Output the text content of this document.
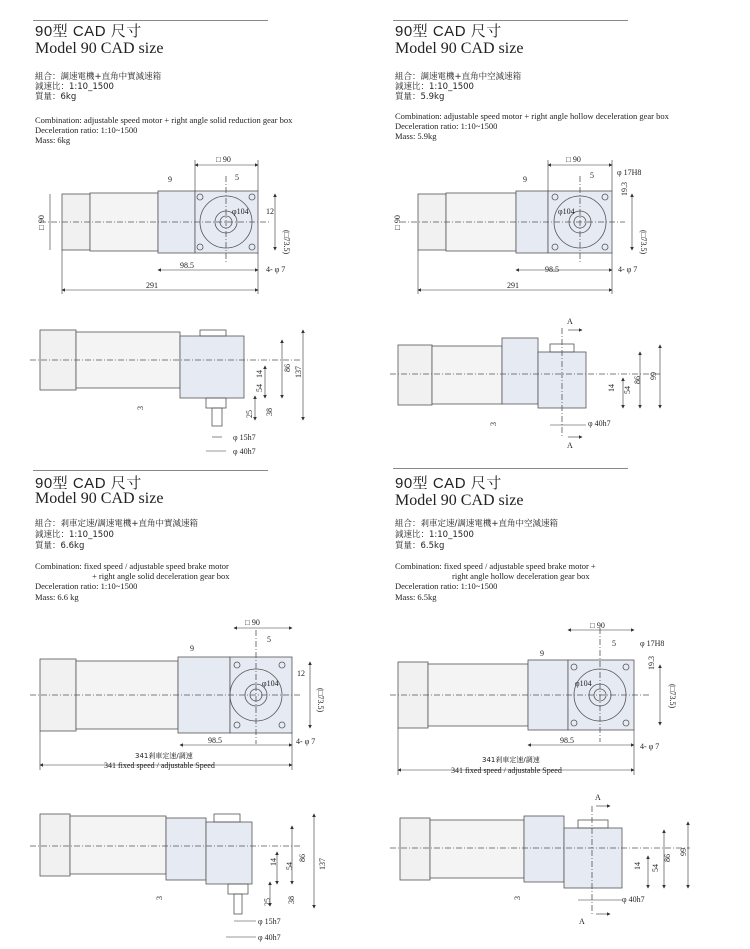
90型 CAD 尺寸
Model 90 CAD size
組合：調速電機+直角中實減速箱
減速比：1:10_1500
質量：6kg
Combination: adjustable speed motor + right angle solid reduction gear box
Deceleration ratio: 1:10~1500
Mass: 6kg
90型 CAD 尺寸
Model 90 CAD size
組合：調速電機+直角中空減速箱
減速比：1:10_1500
質量：5.9kg
Combination: adjustable speed motor + right angle hollow deceleration gear box
Deceleration ratio: 1:10~1500
Mass: 5.9kg
90型 CAD 尺寸
Model 90 CAD size
組合：剎車定速/調速電機+直角中實減速箱
減速比：1:10_1500
質量：6.6kg
Combination: fixed speed / adjustable speed brake motor
+ right angle solid deceleration gear box
Deceleration ratio: 1:10~1500
Mass: 6.6 kg
90型 CAD 尺寸
Model 90 CAD size
組合：剎車定速/調速電機+直角中空減速箱
減速比：1:10_1500
質量：6.5kg
Combination: fixed speed / adjustable speed brake motor +
right angle hollow deceleration gear box
Deceleration ratio: 1:10~1500
Mass: 6.5kg
□ 90
9	5
12
(□73.5)
φ104
□ 90
4- φ 7
98.5
291
14
54
86 137
25 38
3
φ 15h7
φ 40h7
□ 90
9	5	φ 17H8
19.3
(□73.5)
φ104
□ 90
4- φ 7
98.5
291
A
A
14 54
86 99
3	φ 40h7
□ 90
9
5
12
(□73.5)
φ104
4- φ 7
98.5
341剎車定速/調速
341 fixed speed / adjustable Speed
14 54
86 137
25 38
3
φ 15h7
φ 40h7
□ 90
9
5	φ 17H8
19.3
(□73.5)
φ104
4- φ 7
98.5
341剎車定速/調速
341 fixed speed / adjustable Speed
A
A
14 54
86
99
3	φ 40h7
